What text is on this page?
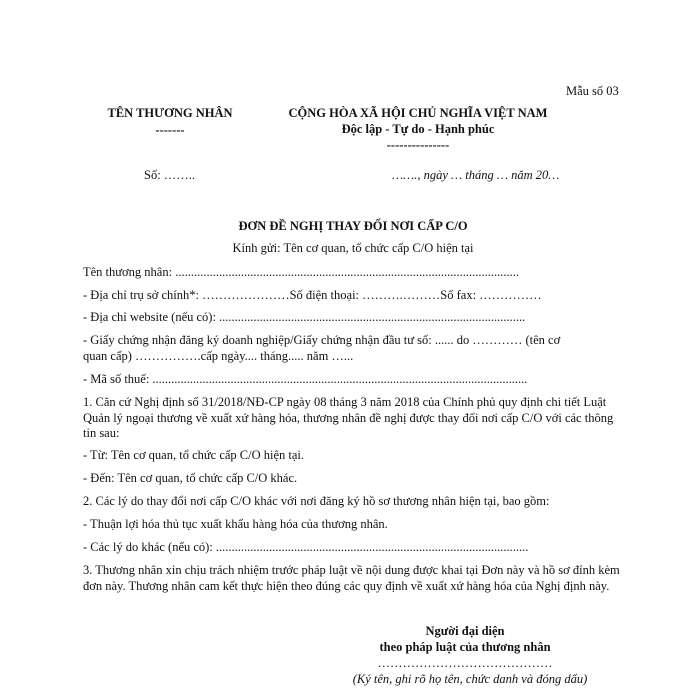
Mẫu số 03
TÊN THƯƠNG NHÂN
-------
CỘNG HÒA XÃ HỘI CHỦ NGHĨA VIỆT NAM
Độc lập - Tự do - Hạnh phúc
---------------
Số: ……..	……., ngày … tháng … năm 20…
ĐƠN ĐỀ NGHỊ THAY ĐỔI NƠI CẤP C/O
Kính gửi: Tên cơ quan, tổ chức cấp C/O hiện tại
Tên thương nhân: ..............................................................................................................
- Địa chỉ trụ sở chính*: …………………Số điện thoại: ……….………Số fax: ……………
- Địa chỉ website (nếu có): ..................................................................................................
- Giấy chứng nhận đăng ký doanh nghiệp/Giấy chứng nhận đầu tư số: ...... do ………… (tên cơ
quan cấp) …………….cấp ngày.... tháng..... năm …...
- Mã số thuế: ........................................................................................................................
1. Căn cứ Nghị định số 31/2018/NĐ-CP ngày 08 tháng 3 năm 2018 của Chính phủ quy định chi tiết Luật Quản lý ngoại thương về xuất xứ hàng hóa, thương nhân đề nghị được thay đổi nơi cấp C/O với các thông tin sau:
- Từ: Tên cơ quan, tổ chức cấp C/O hiện tại.
- Đến: Tên cơ quan, tổ chức cấp C/O khác.
2. Các lý do thay đổi nơi cấp C/O khác với nơi đăng ký hồ sơ thương nhân hiện tại, bao gồm:
- Thuận lợi hóa thủ tục xuất khẩu hàng hóa của thương nhân.
- Các lý do khác (nếu có): ....................................................................................................
3. Thương nhân xin chịu trách nhiệm trước pháp luật về nội dung được khai tại Đơn này và hồ sơ đính kèm đơn này. Thương nhân cam kết thực hiện theo đúng các quy định về xuất xứ hàng hóa của Nghị định này.
Người đại diện
theo pháp luật của thương nhân
……………………………………
(Ký tên, ghi rõ họ tên, chức danh và đóng dấu)
